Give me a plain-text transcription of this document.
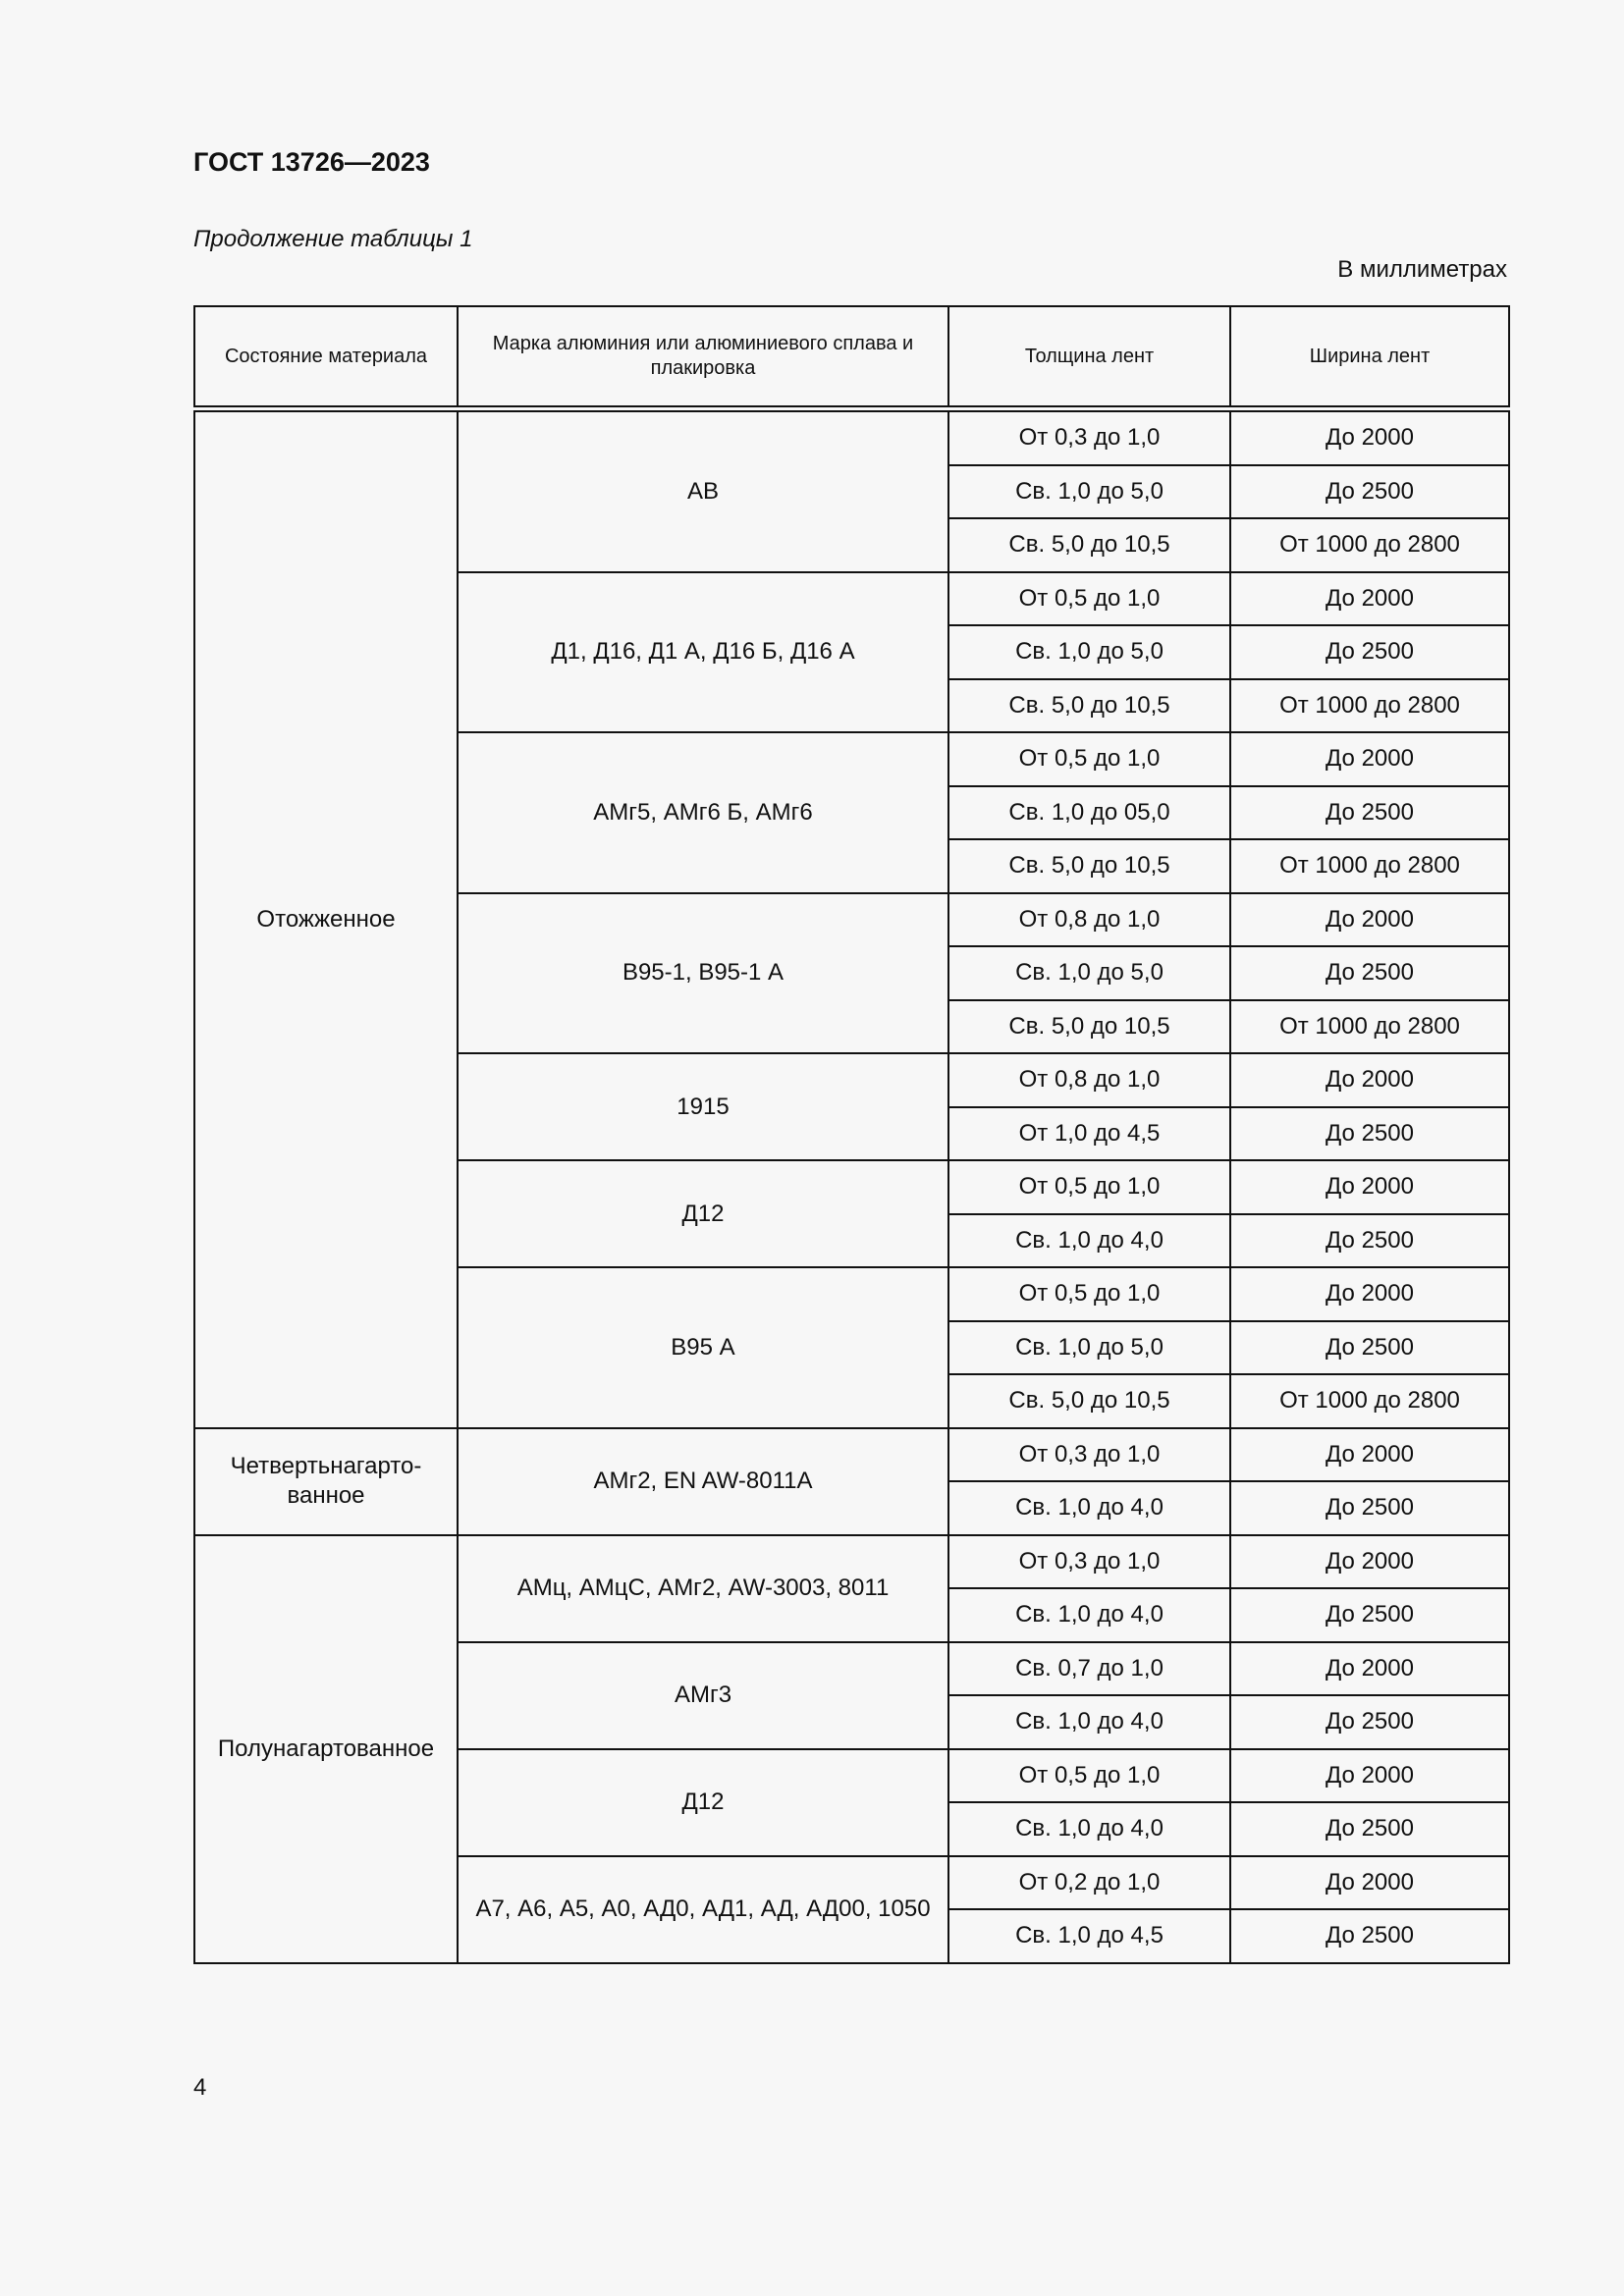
ГОСТ 13726—2023
Продолжение таблицы 1
В миллиметрах
Состояние материала	Марка алюминия или алюминиевого сплава и плакировка	Толщина лент	Ширина лент
Отожженное	АВ	От 0,3 до 1,0	До 2000
		Св. 1,0 до 5,0	До 2500
		Св. 5,0 до 10,5	От 1000 до 2800
	Д1, Д16, Д1 А, Д16 Б, Д16 А	От 0,5 до 1,0	До 2000
		Св. 1,0 до 5,0	До 2500
		Св. 5,0 до 10,5	От 1000 до 2800
	АМг5, АМг6 Б, АМг6	От 0,5 до 1,0	До 2000
		Св. 1,0 до 05,0	До 2500
		Св. 5,0 до 10,5	От 1000 до 2800
	В95-1, В95-1 А	От 0,8 до 1,0	До 2000
		Св. 1,0 до 5,0	До 2500
		Св. 5,0 до 10,5	От 1000 до 2800
	1915	От 0,8 до 1,0	До 2000
		От 1,0 до 4,5	До 2500
	Д12	От 0,5 до 1,0	До 2000
		Св. 1,0 до 4,0	До 2500
	В95 А	От 0,5 до 1,0	До 2000
		Св. 1,0 до 5,0	До 2500
		Св. 5,0 до 10,5	От 1000 до 2800
Четвертьнагарто-ванное	АМг2, EN AW-8011A	От 0,3 до 1,0	До 2000
		Св. 1,0 до 4,0	До 2500
Полунагартованное	АМц, АМцС, АМг2, AW-3003, 8011	От 0,3 до 1,0	До 2000
		Св. 1,0 до 4,0	До 2500
	АМг3	Св. 0,7 до 1,0	До 2000
		Св. 1,0 до 4,0	До 2500
	Д12	От 0,5 до 1,0	До 2000
		Св. 1,0 до 4,0	До 2500
	А7, А6, А5, А0, АД0, АД1, АД, АД00, 1050	От 0,2 до 1,0	До 2000
		Св. 1,0 до 4,5	До 2500
4
